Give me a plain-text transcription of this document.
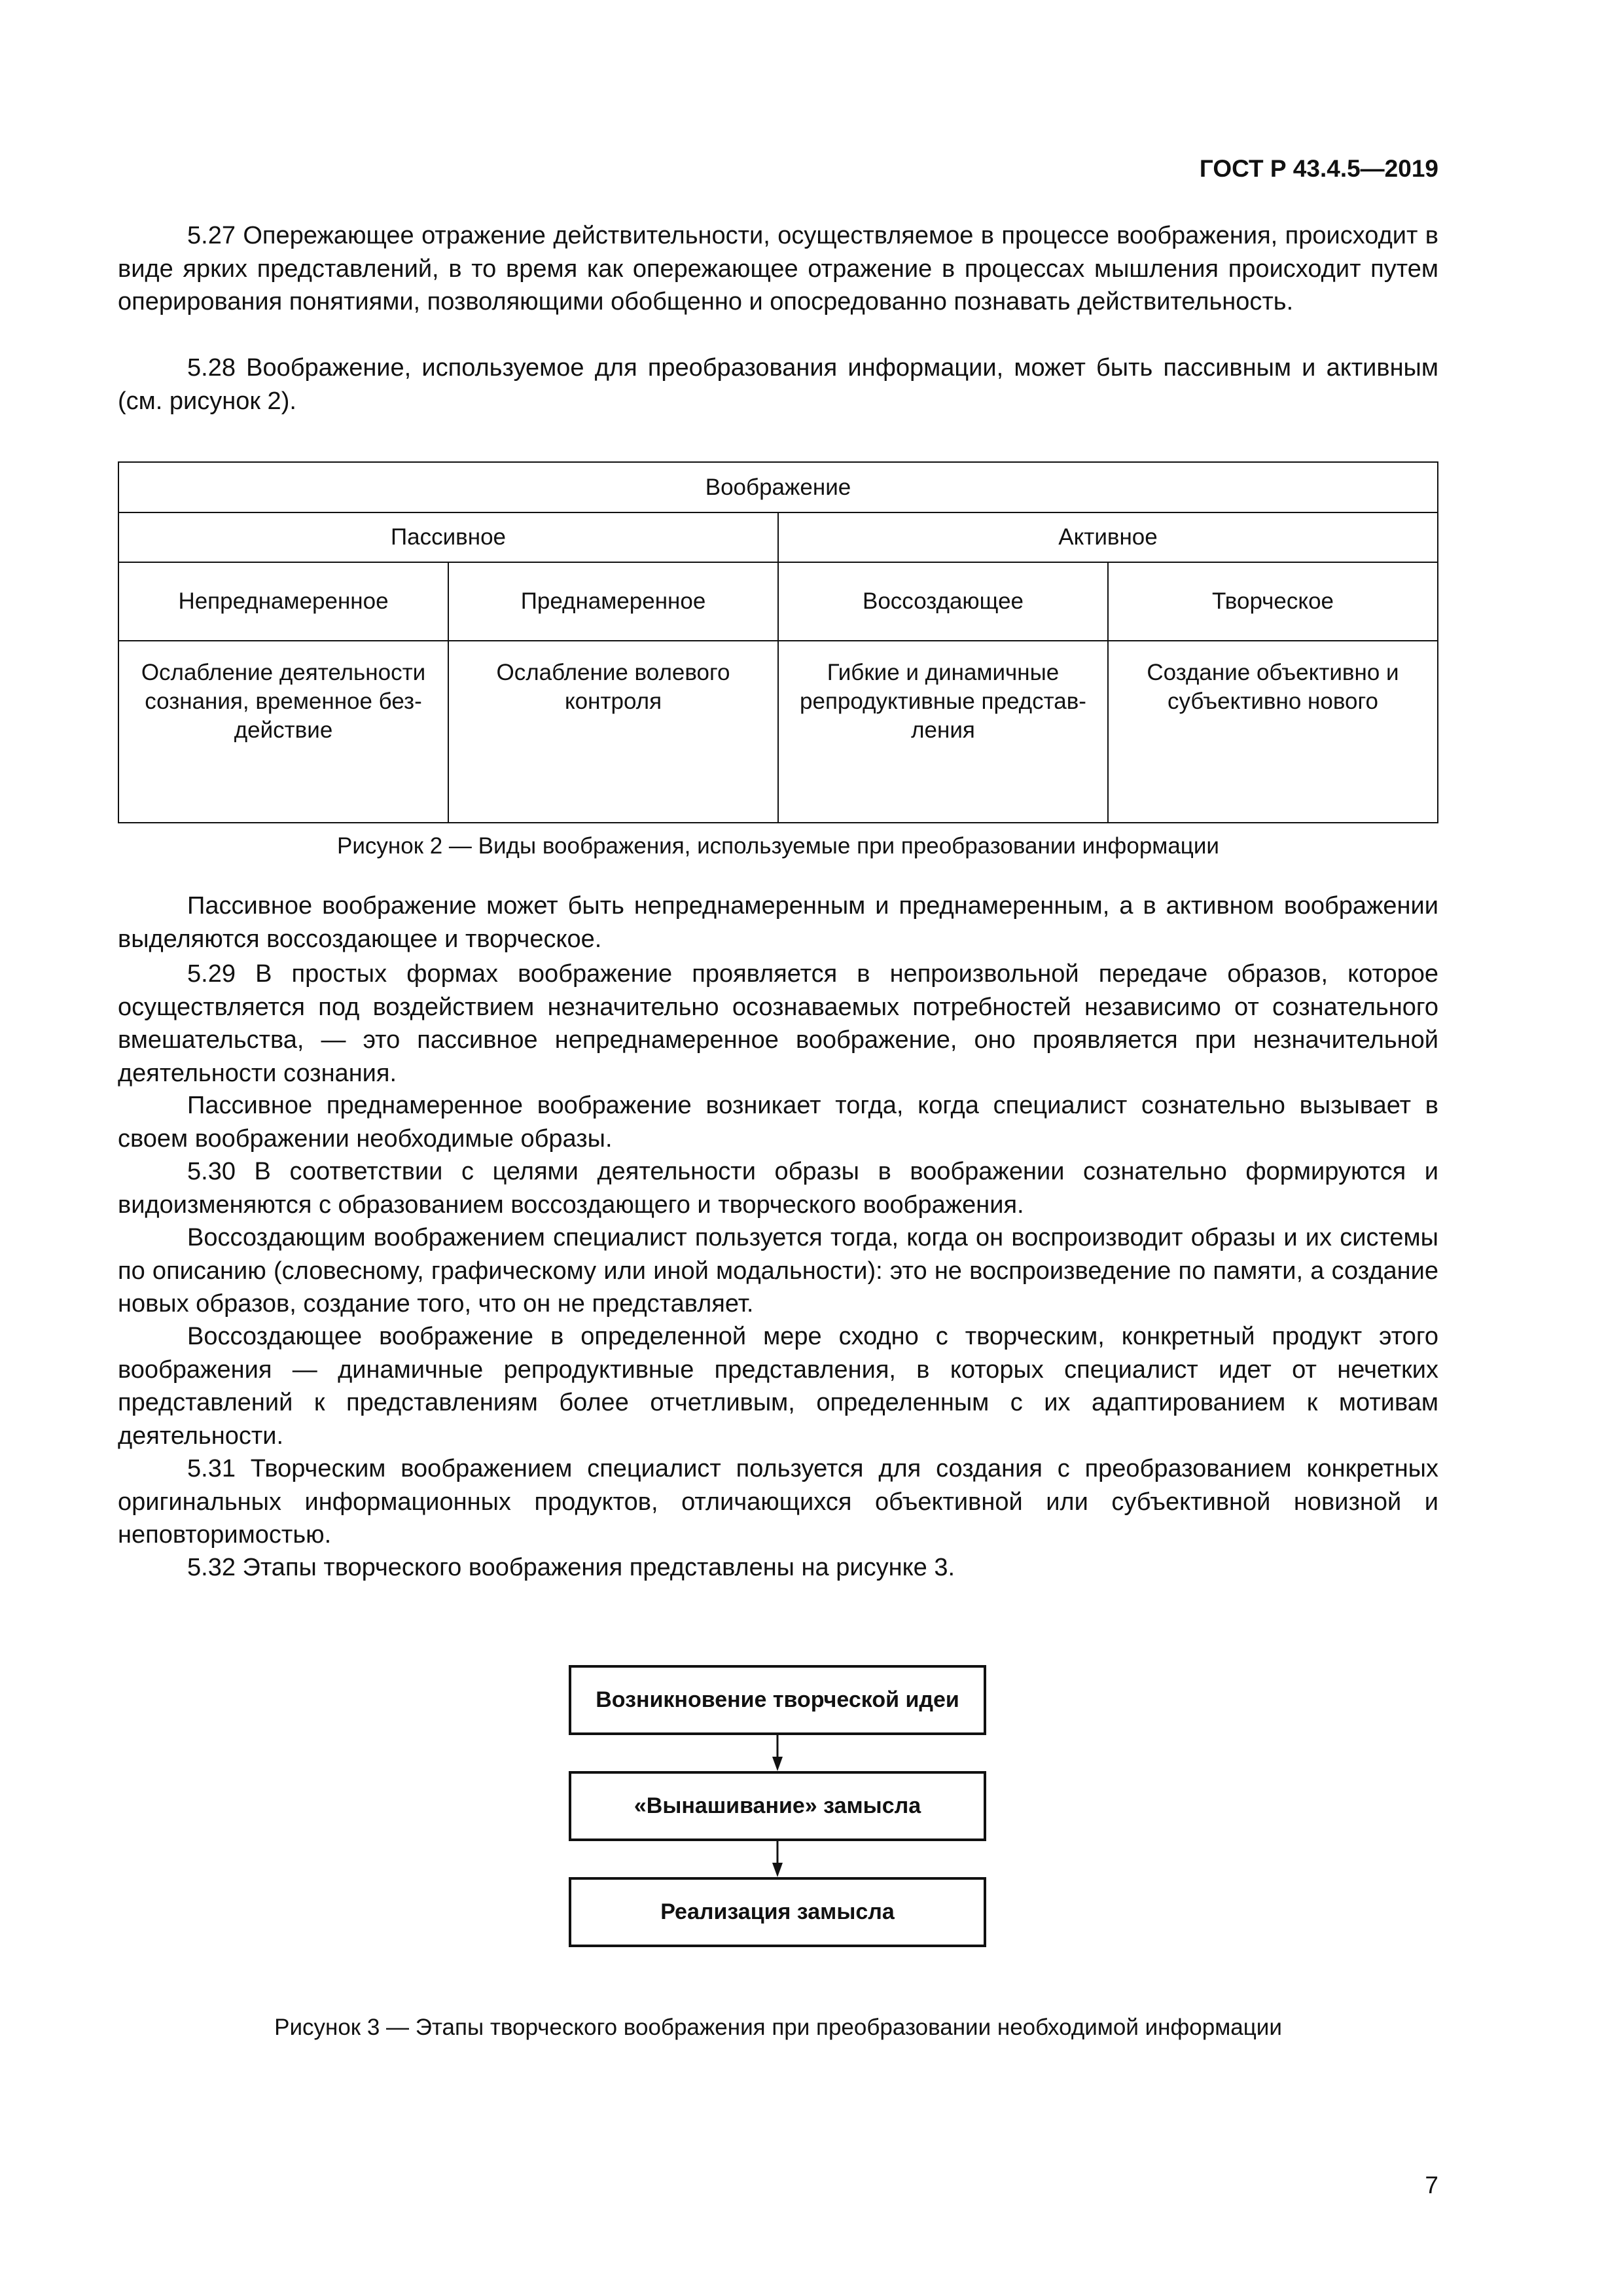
ГОСТ Р 43.4.5—2019

5.27 Опережающее отражение действительности, осуществляемое в процессе воображения, происходит в виде ярких представлений, в то время как опережающее отражение в процессах мышления происходит путем оперирования понятиями, позволяющими обобщенно и опосредованно познавать действительность.

5.28 Воображение, используемое для преобразования информации, может быть пассивным и активным (см. рисунок 2).

Воображение			
Пассивное		Активное	
Непреднамеренное	Преднамеренное	Воссоздающее	Творческое
Ослабление деятельности сознания, временное без-действие	Ослабление волевого контроля	Гибкие и динамичные репродуктивные представ-ления	Создание объективно и субъективно нового

Рисунок 2 — Виды воображения, используемые при преобразовании информации

Пассивное воображение может быть непреднамеренным и преднамеренным, а в активном воображении выделяются воссоздающее и творческое.

5.29 В простых формах воображение проявляется в непроизвольной передаче образов, которое осуществляется под воздействием незначительно осознаваемых потребностей независимо от сознательного вмешательства, — это пассивное непреднамеренное воображение, оно проявляется при незначительной деятельности сознания.

Пассивное преднамеренное воображение возникает тогда, когда специалист сознательно вызывает в своем воображении необходимые образы.

5.30 В соответствии с целями деятельности образы в воображении сознательно формируются и видоизменяются с образованием воссоздающего и творческого воображения.

Воссоздающим воображением специалист пользуется тогда, когда он воспроизводит образы и их системы по описанию (словесному, графическому или иной модальности): это не воспроизведение по памяти, а создание новых образов, создание того, что он не представляет.

Воссоздающее воображение в определенной мере сходно с творческим, конкретный продукт этого воображения — динамичные репродуктивные представления, в которых специалист идет от нечетких представлений к представлениям более отчетливым, определенным с их адаптированием к мотивам деятельности.

5.31 Творческим воображением специалист пользуется для создания с преобразованием конкретных оригинальных информационных продуктов, отличающихся объективной или субъективной новизной и неповторимостью.

5.32 Этапы творческого воображения представлены на рисунке 3.

Возникновение творческой идеи
«Вынашивание» замысла
Реализация замысла

Рисунок 3 — Этапы творческого воображения при преобразовании необходимой информации

7
